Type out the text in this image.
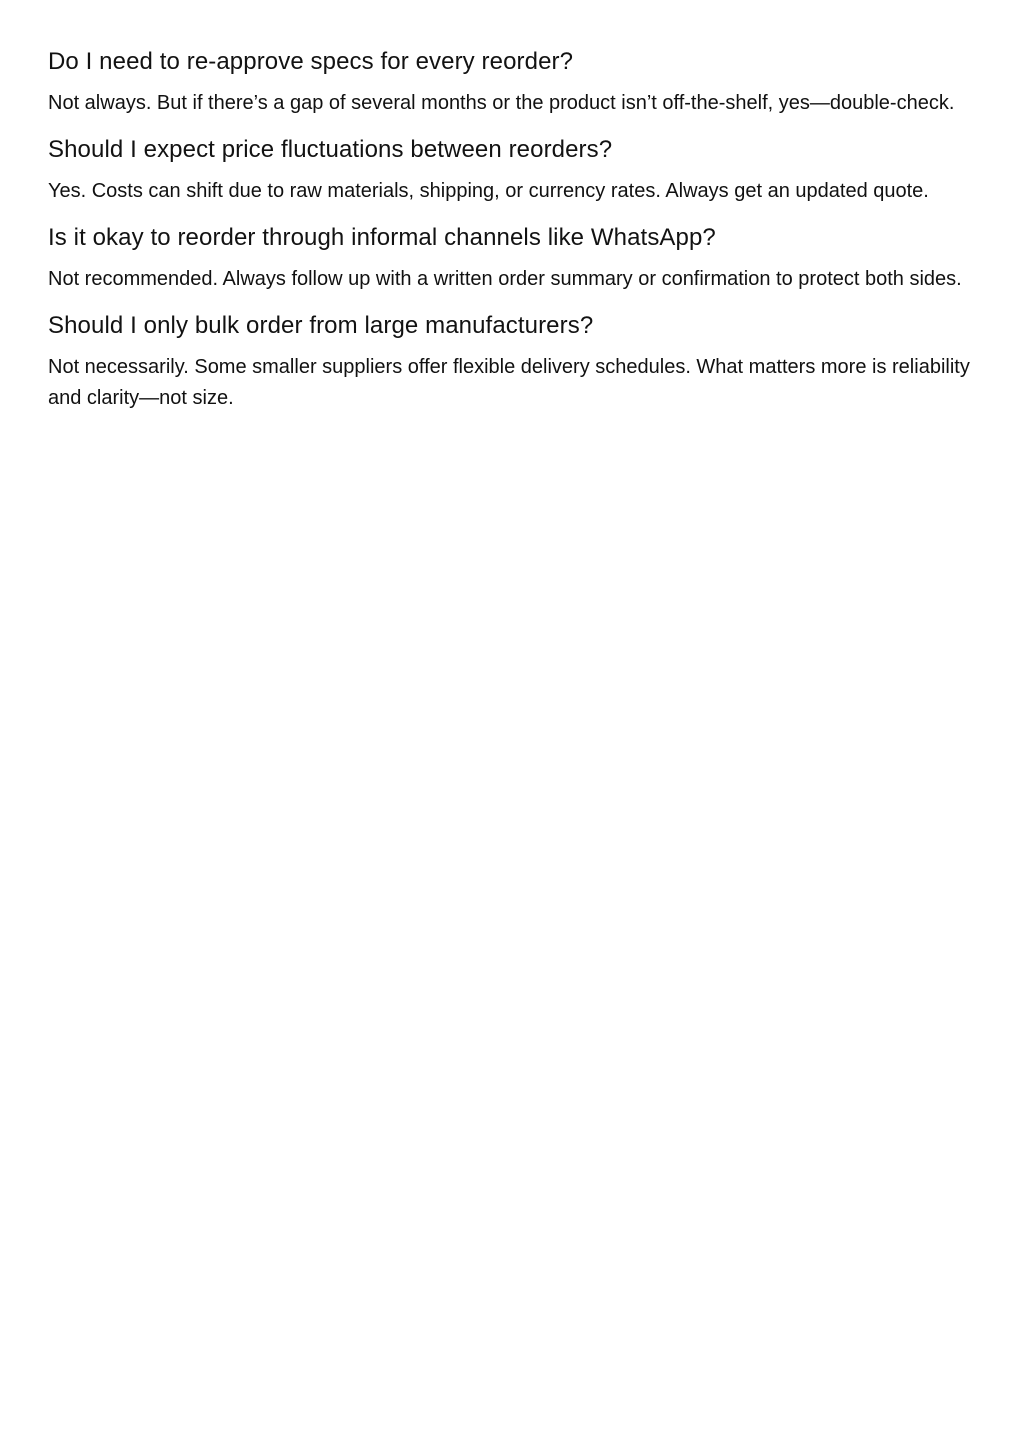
Do I need to re-approve specs for every reorder?

Not always. But if there’s a gap of several months or the product isn’t off-the-shelf, yes—double-check.

Should I expect price fluctuations between reorders?

Yes. Costs can shift due to raw materials, shipping, or currency rates. Always get an updated quote.

Is it okay to reorder through informal channels like WhatsApp?

Not recommended. Always follow up with a written order summary or confirmation to protect both sides.

Should I only bulk order from large manufacturers?

Not necessarily. Some smaller suppliers offer flexible delivery schedules. What matters more is reliability and clarity—not size.
